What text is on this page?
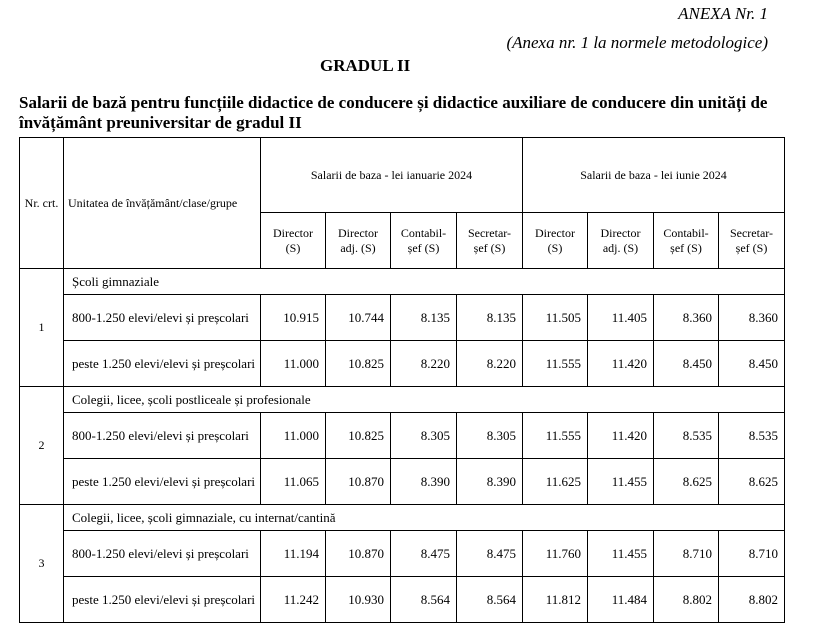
ANEXA Nr. 1
(Anexa nr. 1 la normele metodologice)
GRADUL II
Salarii de bază pentru funcțiile didactice de conducere și didactice auxiliare de conducere din unități de învățământ preuniversitar de gradul II
Nr. crt.	Unitatea de învățământ/clase/grupe	Salarii de baza - lei ianuarie 2024				Salarii de baza - lei iunie 2024			
		Director (S)	Director adj. (S)	Contabil-șef (S)	Secretar-șef (S)	Director (S)	Director adj. (S)	Contabil-șef (S)	Secretar-șef (S)
1	Școli gimnaziale								
	800-1.250 elevi/elevi și preșcolari	10.915	10.744	8.135	8.135	11.505	11.405	8.360	8.360
	peste 1.250 elevi/elevi și preșcolari	11.000	10.825	8.220	8.220	11.555	11.420	8.450	8.450
2	Colegii, licee, școli postliceale și profesionale								
	800-1.250 elevi/elevi și preșcolari	11.000	10.825	8.305	8.305	11.555	11.420	8.535	8.535
	peste 1.250 elevi/elevi și preșcolari	11.065	10.870	8.390	8.390	11.625	11.455	8.625	8.625
3	Colegii, licee, școli gimnaziale, cu internat/cantină								
	800-1.250 elevi/elevi și preșcolari	11.194	10.870	8.475	8.475	11.760	11.455	8.710	8.710
	peste 1.250 elevi/elevi și preșcolari	11.242	10.930	8.564	8.564	11.812	11.484	8.802	8.802
